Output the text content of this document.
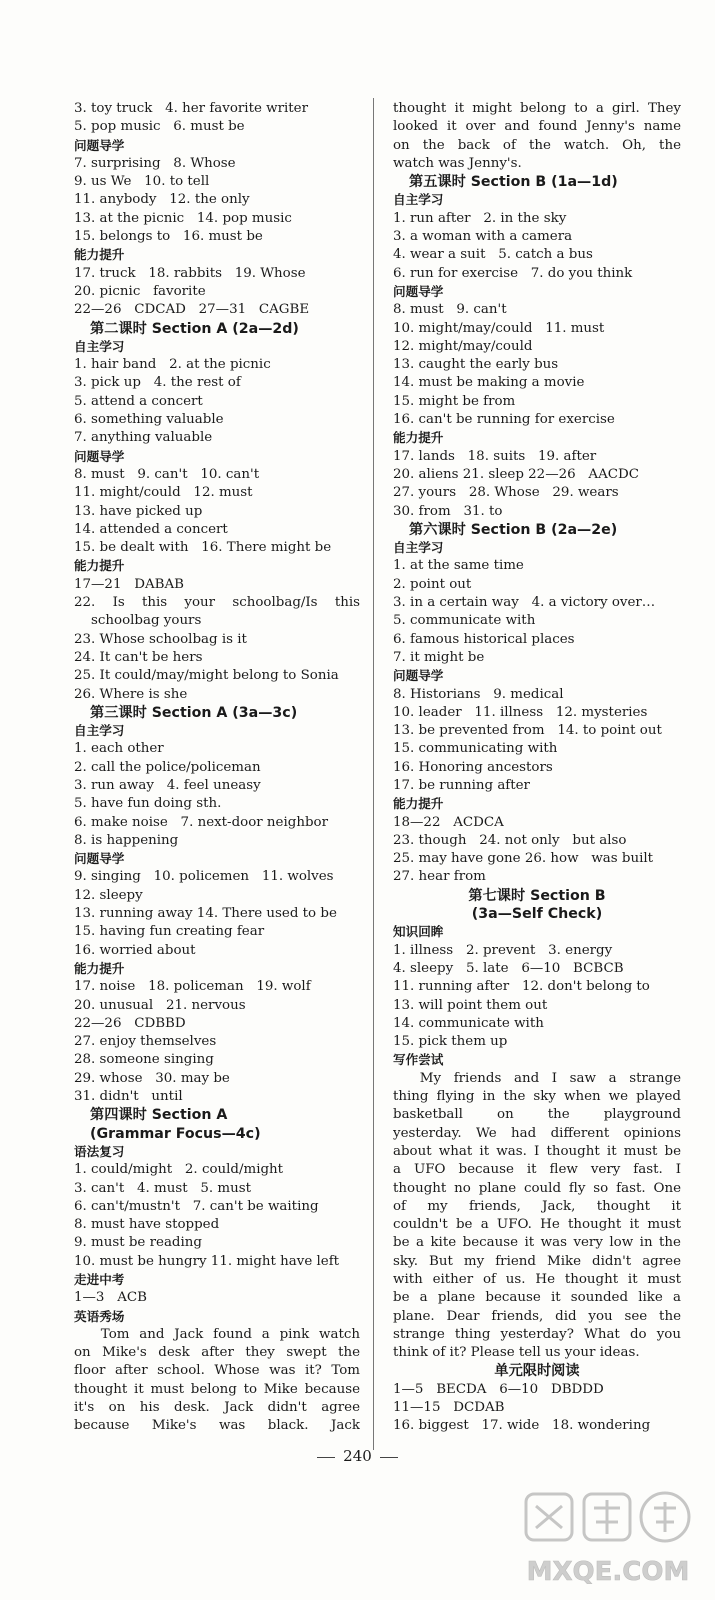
3. toy truck   4. her favorite writer
5. pop music   6. must be
问题导学
7. surprising   8. Whose
9. us We   10. to tell
11. anybody   12. the only
13. at the picnic   14. pop music
15. belongs to   16. must be
能力提升
17. truck   18. rabbits   19. Whose
20. picnic   favorite
22—26   CDCAD   27—31   CAGBE
第二课时 Section A (2a—2d)
自主学习
1. hair band   2. at the picnic
3. pick up   4. the rest of
5. attend a concert
6. something valuable
7. anything valuable
问题导学
8. must   9. can't   10. can't
11. might/could   12. must
13. have picked up
14. attended a concert
15. be dealt with   16. There might be
能力提升
17—21   DABAB
22. Is this your schoolbag/Is this
schoolbag yours
23. Whose schoolbag is it
24. It can't be hers
25. It could/may/might belong to Sonia
26. Where is she
第三课时 Section A (3a—3c)
自主学习
1. each other
2. call the police/policeman
3. run away   4. feel uneasy
5. have fun doing sth.
6. make noise   7. next-door neighbor
8. is happening
问题导学
9. singing   10. policemen   11. wolves
12. sleepy
13. running away 14. There used to be
15. having fun creating fear
16. worried about
能力提升
17. noise   18. policeman   19. wolf
20. unusual   21. nervous
22—26   CDBBD
27. enjoy themselves
28. someone singing
29. whose   30. may be
31. didn't   until
第四课时 Section A
(Grammar Focus—4c)
语法复习
1. could/might   2. could/might
3. can't   4. must   5. must
6. can't/mustn't   7. can't be waiting
8. must have stopped
9. must be reading
10. must be hungry 11. might have left
走进中考
1—3   ACB
英语秀场
Tom and Jack found a pink watch
on Mike's desk after they swept the
floor after school. Whose was it? Tom
thought it must belong to Mike because
it's on his desk. Jack didn't agree
because Mike's was black. Jack
thought it might belong to a girl. They
looked it over and found Jenny's name
on the back of the watch. Oh, the
watch was Jenny's.
第五课时 Section B (1a—1d)
自主学习
1. run after   2. in the sky
3. a woman with a camera
4. wear a suit   5. catch a bus
6. run for exercise   7. do you think
问题导学
8. must   9. can't
10. might/may/could   11. must
12. might/may/could
13. caught the early bus
14. must be making a movie
15. might be from
16. can't be running for exercise
能力提升
17. lands   18. suits   19. after
20. aliens 21. sleep 22—26   AACDC
27. yours   28. Whose   29. wears
30. from   31. to
第六课时 Section B (2a—2e)
自主学习
1. at the same time
2. point out
3. in a certain way   4. a victory over…
5. communicate with
6. famous historical places
7. it might be
问题导学
8. Historians   9. medical
10. leader   11. illness   12. mysteries
13. be prevented from   14. to point out
15. communicating with
16. Honoring ancestors
17. be running after
能力提升
18—22   ACDCA
23. though   24. not only   but also
25. may have gone 26. how   was built
27. hear from
第七课时 Section B
(3a—Self Check)
知识回眸
1. illness   2. prevent   3. energy
4. sleepy   5. late   6—10   BCBCB
11. running after   12. don't belong to
13. will point them out
14. communicate with
15. pick them up
写作尝试
My friends and I saw a strange
thing flying in the sky when we played
basketball on the playground
yesterday. We had different opinions
about what it was. I thought it must be
a UFO because it flew very fast. I
thought no plane could fly so fast. One
of my friends, Jack, thought it
couldn't be a UFO. He thought it must
be a kite because it was very low in the
sky. But my friend Mike didn't agree
with either of us. He thought it must
be a plane because it sounded like a
plane. Dear friends, did you see the
strange thing yesterday? What do you
think of it? Please tell us your ideas.
单元限时阅读
1—5   BECDA   6—10   DBDDD
11—15   DCDAB
16. biggest   17. wide   18. wondering
240
MXQE.COM
